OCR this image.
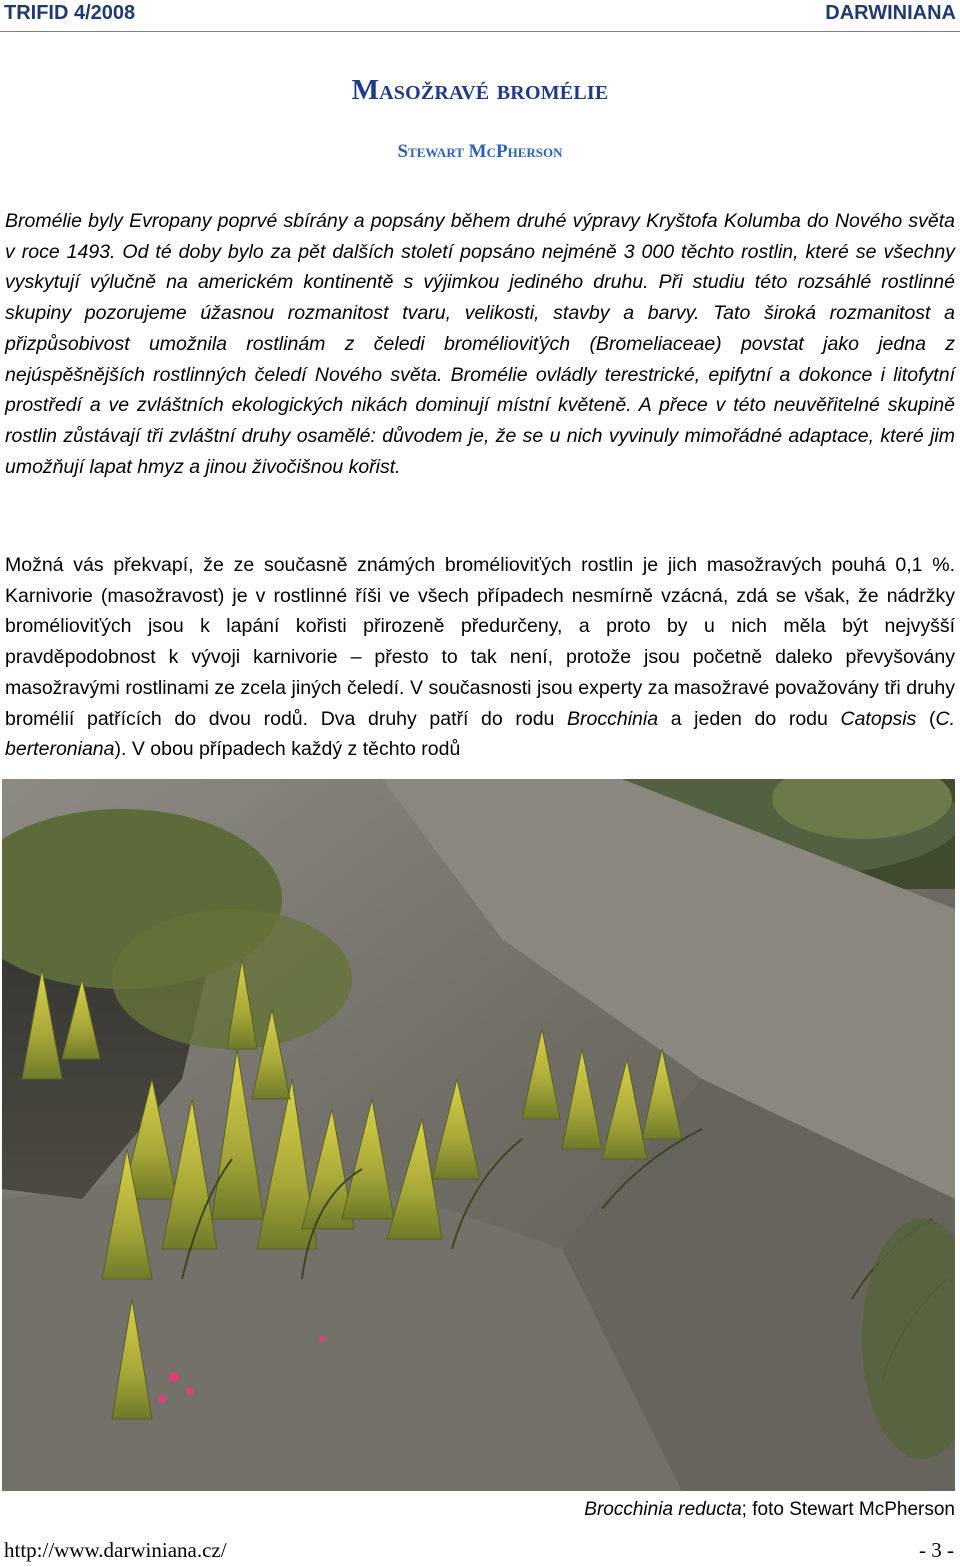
TRIFID 4/2008	DARWINIANA
Masožravé bromélie
Stewart McPherson
Bromélie byly Evropany poprvé sbírány a popsány během druhé výpravy Kryštofa Kolumba do Nového světa v roce 1493. Od té doby bylo za pět dalších století popsáno nejméně 3 000 těchto rostlin, které se všechny vyskytují výlučně na americkém kontinentě s výjimkou jediného druhu. Při studiu této rozsáhlé rostlinné skupiny pozorujeme úžasnou rozmanitost tvaru, velikosti, stavby a barvy. Tato široká rozmanitost a přizpůsobivost umožnila rostlinám z čeledi bromélioviťých (Bromeliaceae) povstat jako jedna z nejúspěšnějších rostlinných čeledí Nového světa. Bromélie ovládly terestrické, epifytní a dokonce i litofytní prostředí a ve zvláštních ekologických nikách dominují místní květeně. A přece v této neuvěřitelné skupině rostlin zůstávají tři zvláštní druhy osamělé: důvodem je, že se u nich vyvinuly mimořádné adaptace, které jim umožňují lapat hmyz a jinou živočišnou kořist.
Možná vás překvapí, že ze současně známých bromélioviťých rostlin je jich masožravých pouhá 0,1 %. Karnivorie (masožravost) je v rostlinné říši ve všech případech nesmírně vzácná, zdá se však, že nádržky bromélioviťých jsou k lapání kořisti přirozeně předurčeny, a proto by u nich měla být nejvyšší pravděpodobnost k vývoji karnivorie – přesto to tak není, protože jsou početně daleko převyšovány masožravými rostlinami ze zcela jiných čeledí. V současnosti jsou experty za masožravé považovány tři druhy bromélií patřících do dvou rodů. Dva druhy patří do rodu Brocchinia a jeden do rodu Catopsis (C. berteroniana). V obou případech každý z těchto rodů
Brocchinia reducta; foto Stewart McPherson
http://www.darwiniana.cz/	- 3 -
